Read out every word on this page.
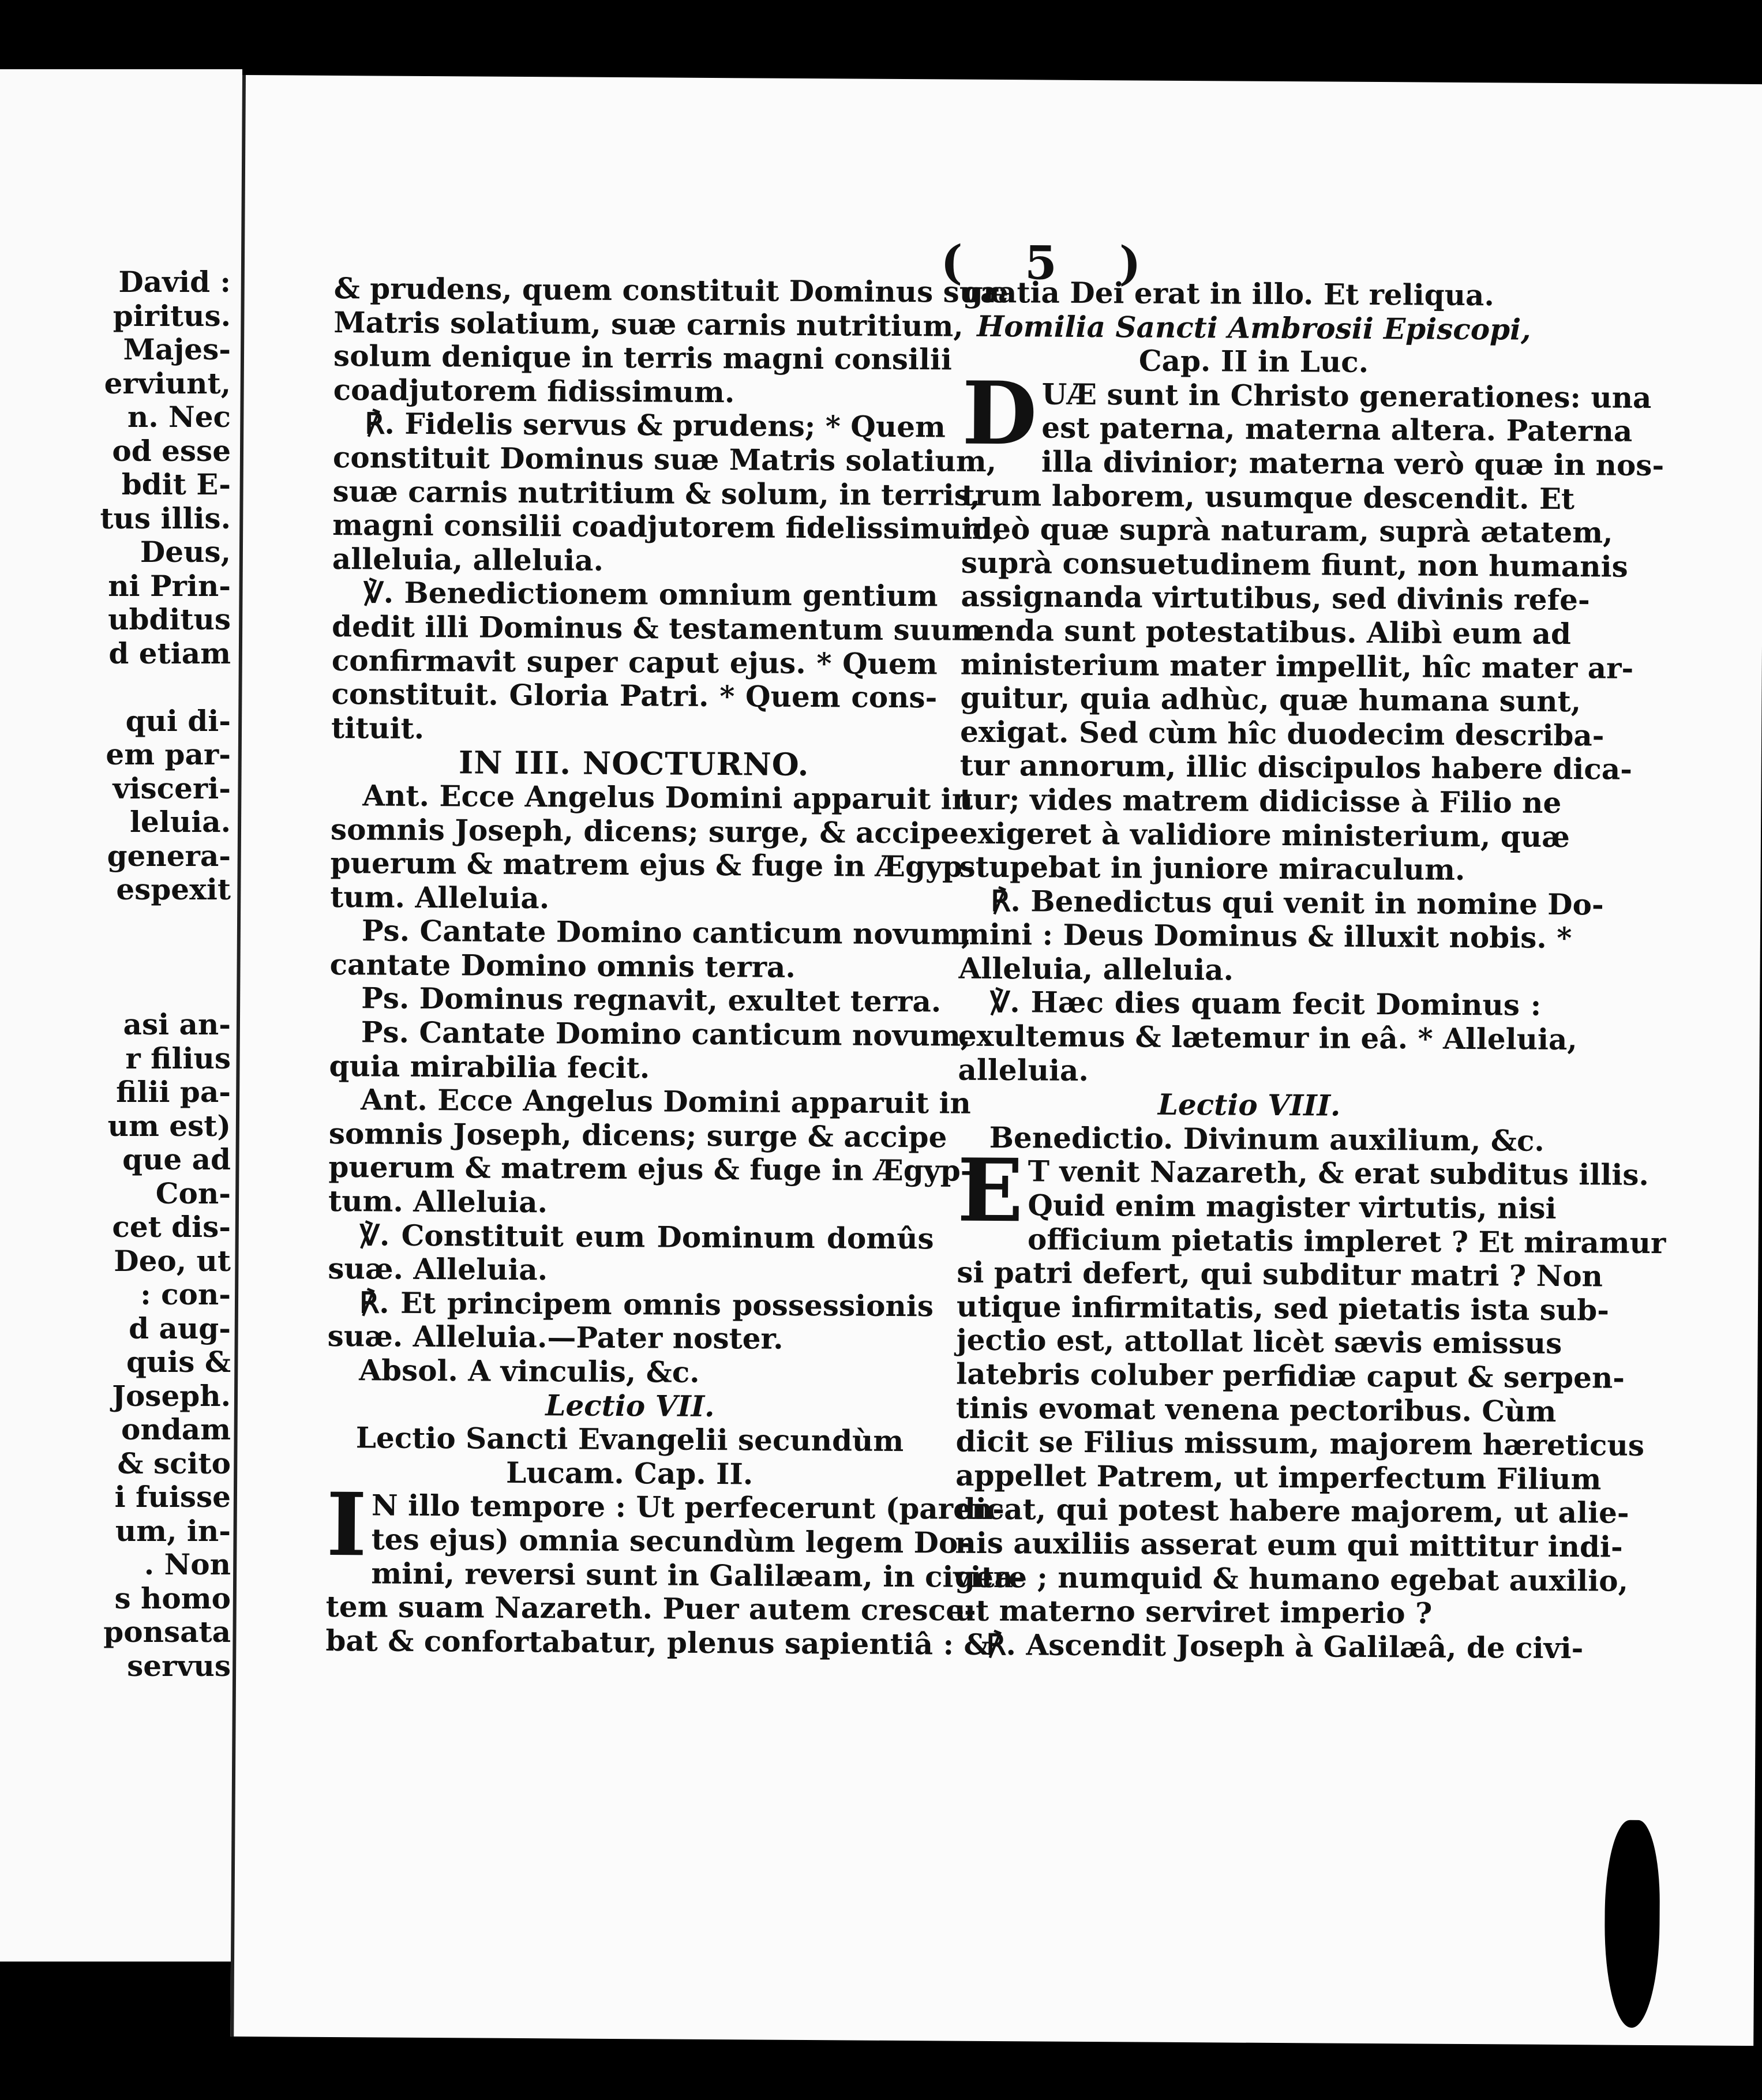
David :
piritus.
Majes-
erviunt,
n. Nec
od esse
bdit E-
tus illis.
Deus,
ni Prin-
ubditus
d etiam

qui di-
em par-
visceri-
leluia.
genera-
espexit

asi an-
r filius
filii pa-
um est)
que ad
Con-
cet dis-
Deo, ut
: con-
d aug-
quis &
Joseph.
ondam
& scito
i fuisse
um, in-
. Non
s homo
ponsata
servus
( 5 )
& prudens, quem constituit Dominus suæ
Matris solatium, suæ carnis nutritium,
solum denique in terris magni consilii
coadjutorem fidissimum.
℟. Fidelis servus & prudens; * Quem
constituit Dominus suæ Matris solatium,
suæ carnis nutritium & solum, in terris,
magni consilii coadjutorem fidelissimum,
alleluia, alleluia.
℣. Benedictionem omnium gentium
dedit illi Dominus & testamentum suum
confirmavit super caput ejus. * Quem
constituit. Gloria Patri. * Quem cons-
tituit.
IN III. NOCTURNO.
Ant. Ecce Angelus Domini apparuit in
somnis Joseph, dicens; surge, & accipe
puerum & matrem ejus & fuge in Ægyp-
tum. Alleluia.
Ps. Cantate Domino canticum novum,
cantate Domino omnis terra.
Ps. Dominus regnavit, exultet terra.
Ps. Cantate Domino canticum novum,
quia mirabilia fecit.
Ant. Ecce Angelus Domini apparuit in
somnis Joseph, dicens; surge & accipe
puerum & matrem ejus & fuge in Ægyp-
tum. Alleluia.
℣. Constituit eum Dominum domûs
suæ. Alleluia.
℟. Et principem omnis possessionis
suæ. Alleluia.—Pater noster.
Absol. A vinculis, &c.
Lectio VII.
Lectio Sancti Evangelii secundùm
Lucam. Cap. II.
I N illo tempore : Ut perfecerunt (paren-
tes ejus) omnia secundùm legem Do-
mini, reversi sunt in Galilæam, in civita-
tem suam Nazareth. Puer autem cresce-
bat & confortabatur, plenus sapientiâ : &
gratia Dei erat in illo. Et reliqua.
Homilia Sancti Ambrosii Episcopi,
Cap. II in Luc.
D UÆ sunt in Christo generationes: una
est paterna, materna altera. Paterna
illa divinior; materna verò quæ in nos-
trum laborem, usumque descendit. Et
ideò quæ suprà naturam, suprà ætatem,
suprà consuetudinem fiunt, non humanis
assignanda virtutibus, sed divinis refe-
renda sunt potestatibus. Alibì eum ad
ministerium mater impellit, hîc mater ar-
guitur, quia adhùc, quæ humana sunt,
exigat. Sed cùm hîc duodecim describa-
tur annorum, illic discipulos habere dica-
tur; vides matrem didicisse à Filio ne
exigeret à validiore ministerium, quæ
stupebat in juniore miraculum.
℟. Benedictus qui venit in nomine Do-
mini : Deus Dominus & illuxit nobis. *
Alleluia, alleluia.
℣. Hæc dies quam fecit Dominus :
exultemus & lætemur in eâ. * Alleluia,
alleluia.
Lectio VIII.
Benedictio. Divinum auxilium, &c.
E T venit Nazareth, & erat subditus illis.
Quid enim magister virtutis, nisi
officium pietatis impleret ? Et miramur
si patri defert, qui subditur matri ? Non
utique infirmitatis, sed pietatis ista sub-
jectio est, attollat licèt sævis emissus
latebris coluber perfidiæ caput & serpen-
tinis evomat venena pectoribus. Cùm
dicit se Filius missum, majorem hæreticus
appellet Patrem, ut imperfectum Filium
dicat, qui potest habere majorem, ut alie-
nis auxiliis asserat eum qui mittitur indi-
gere ; numquid & humano egebat auxilio,
ut materno serviret imperio ?
℟. Ascendit Joseph à Galilæâ, de civi-
